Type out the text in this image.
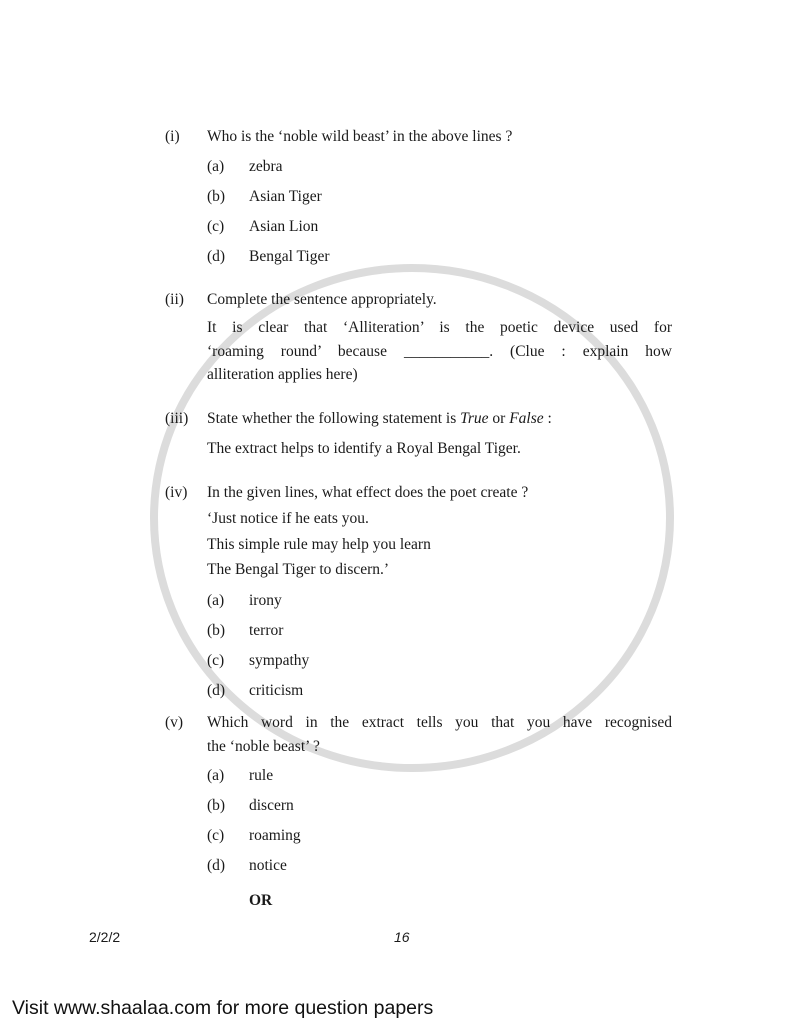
(i) Who is the ‘noble wild beast’ in the above lines ?
(a) zebra
(b) Asian Tiger
(c) Asian Lion
(d) Bengal Tiger
(ii) Complete the sentence appropriately.
It is clear that ‘Alliteration’ is the poetic device used for
‘roaming round’ because ___________. (Clue : explain how
alliteration applies here)
(iii) State whether the following statement is True or False :
The extract helps to identify a Royal Bengal Tiger.
(iv) In the given lines, what effect does the poet create ?
‘Just notice if he eats you.
This simple rule may help you learn
The Bengal Tiger to discern.’
(a) irony
(b) terror
(c) sympathy
(d) criticism
(v) Which word in the extract tells you that you have recognised
the ‘noble beast’ ?
(a) rule
(b) discern
(c) roaming
(d) notice
OR
2/2/2	16
Visit www.shaalaa.com for more question papers
